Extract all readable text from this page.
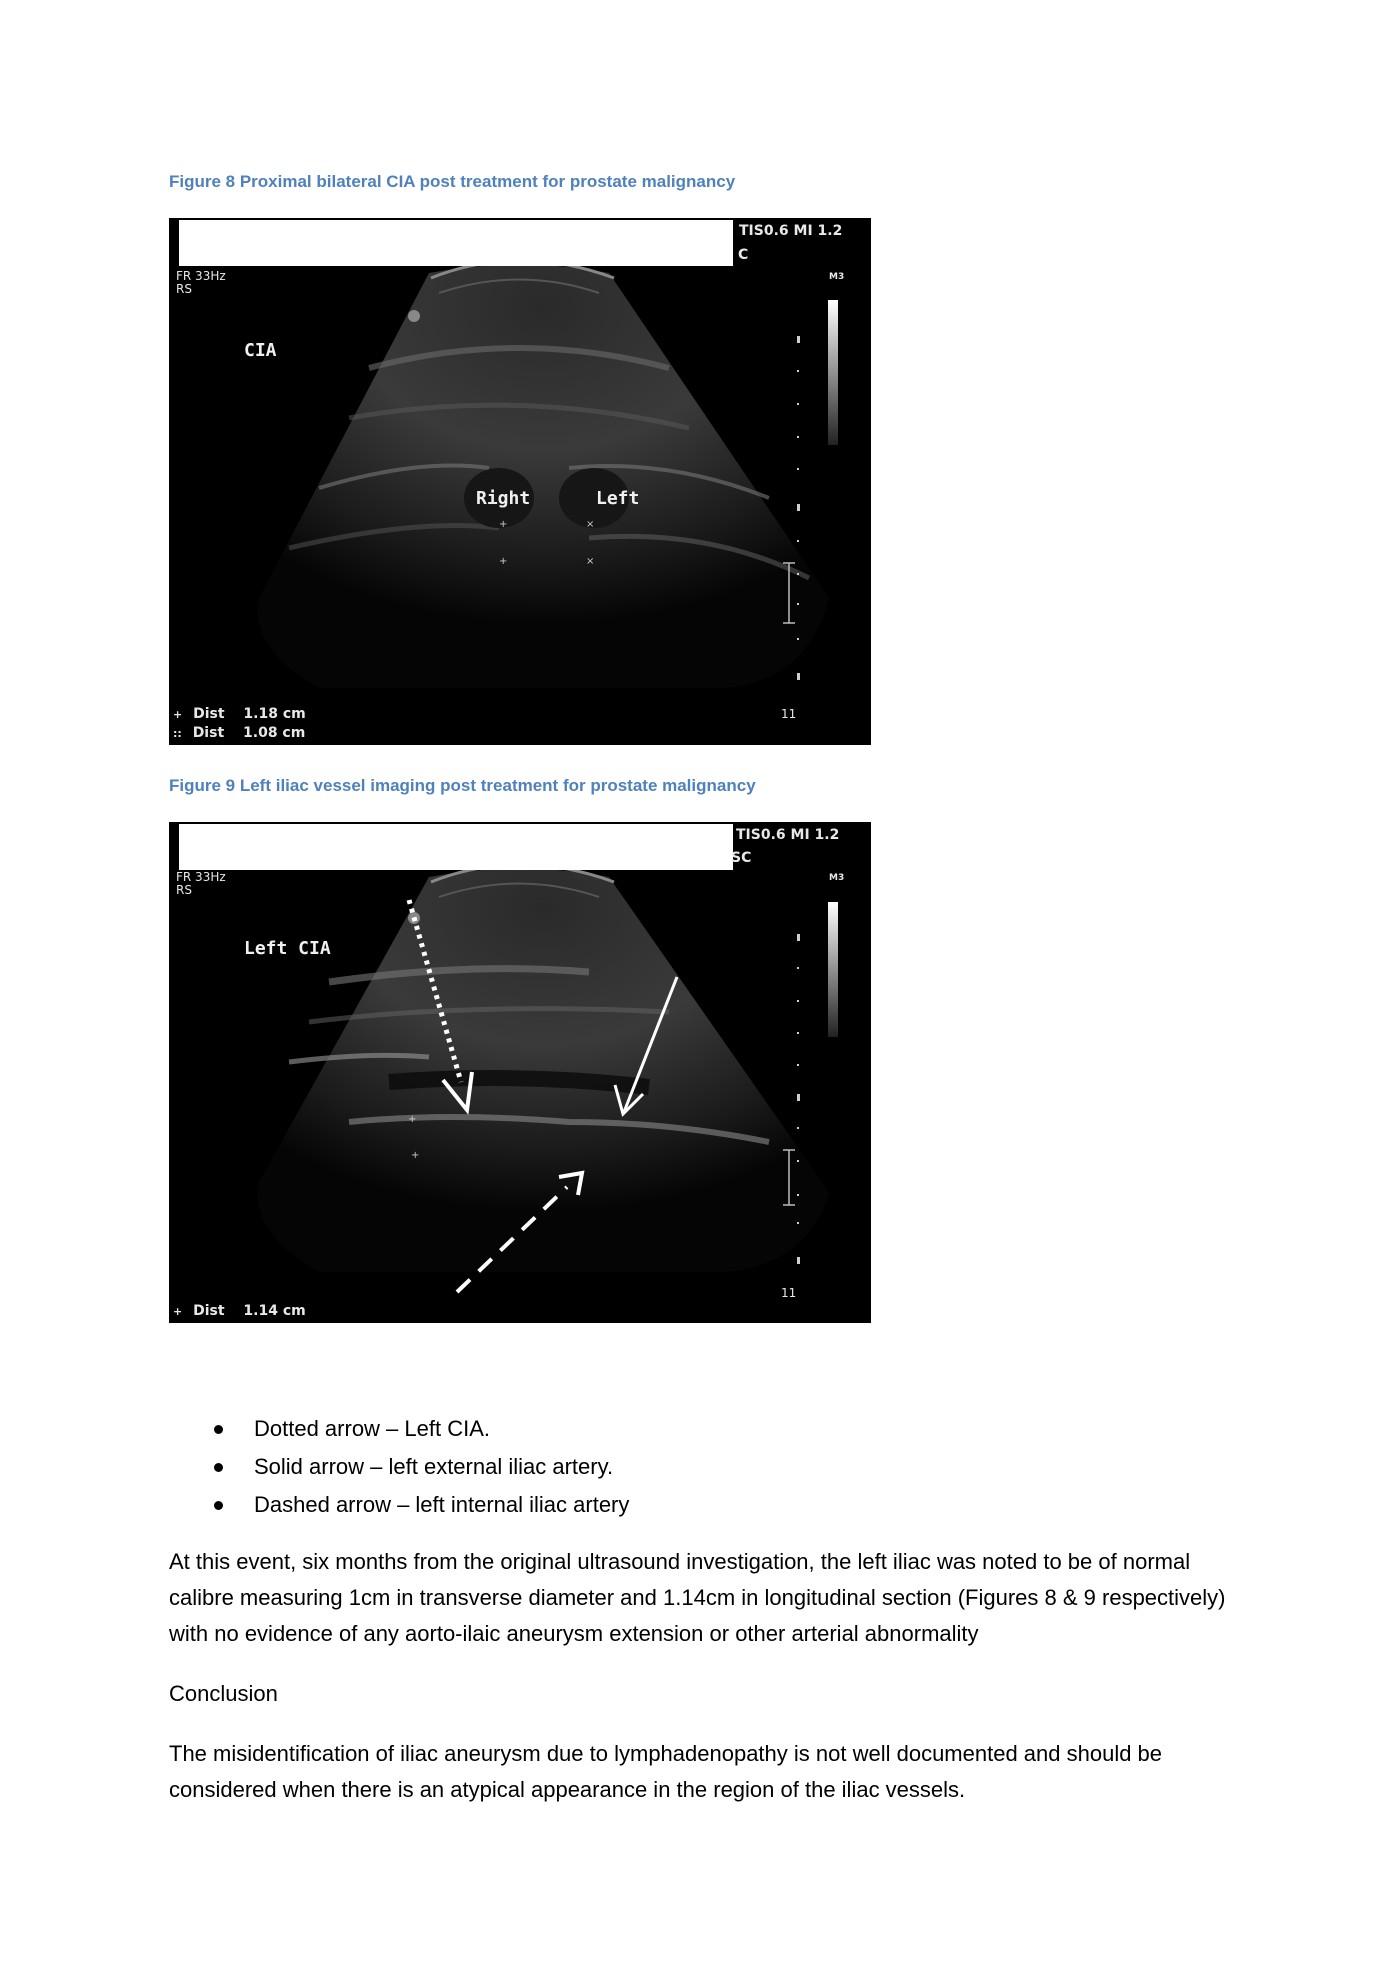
Figure 8 Proximal bilateral CIA post treatment for prostate malignancy
+
+
×
×
TIS0.6 MI 1.2
C
FR 33Hz
RS
M3
CIA
Right	Left
11
+ Dist 1.18 cm
:: Dist 1.08 cm
Figure 9 Left iliac vessel imaging post treatment for prostate malignancy
+
+
TIS0.6 MI 1.2
SC
FR 33Hz
RS
M3
Left CIA
11
+ Dist 1.14 cm
Dotted arrow – Left CIA.
Solid arrow – left external iliac artery.
Dashed arrow – left internal iliac artery

At this event, six months from the original ultrasound investigation, the left iliac was noted to be of normal calibre measuring 1cm in transverse diameter and 1.14cm in longitudinal section (Figures 8 & 9 respectively) with no evidence of any aorto-ilaic aneurysm extension or other arterial abnormality

Conclusion

The misidentification of iliac aneurysm due to lymphadenopathy is not well documented and should be considered when there is an atypical appearance in the region of the iliac vessels.
